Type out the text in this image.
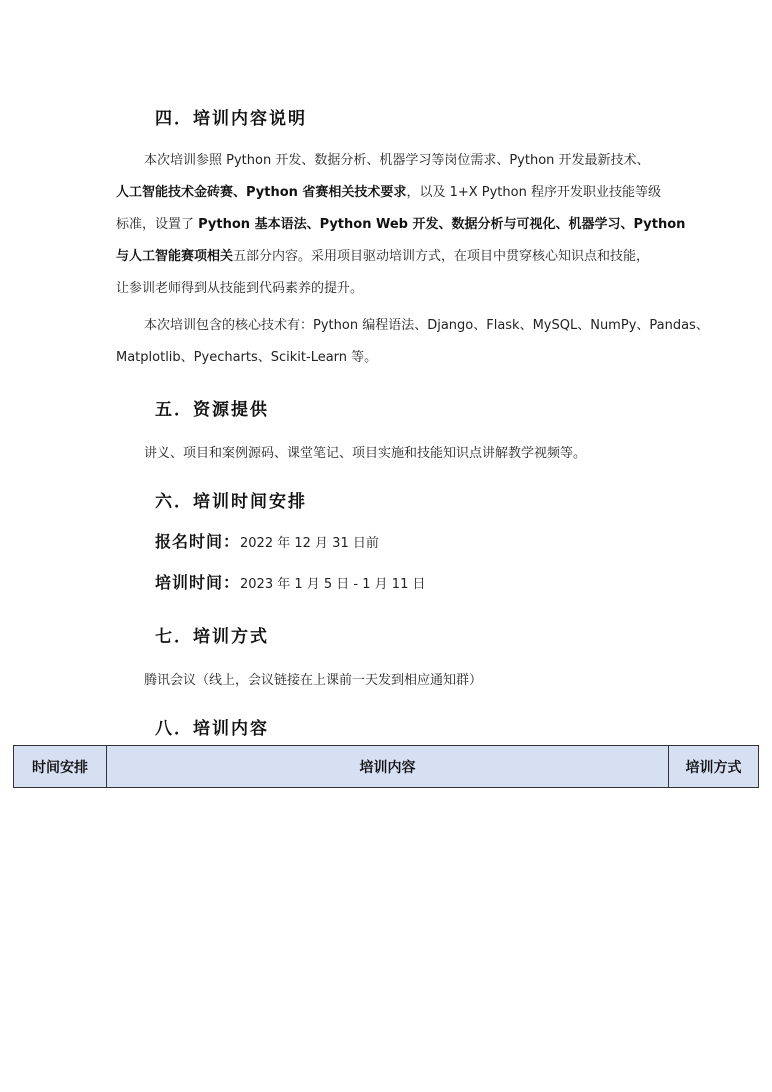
四．培训内容说明
本次培训参照 Python 开发、数据分析、机器学习等岗位需求、Python 开发最新技术、
人工智能技术金砖赛、Python 省赛相关技术要求，以及 1+X Python 程序开发职业技能等级
标准，设置了 Python 基本语法、Python Web 开发、数据分析与可视化、机器学习、Python
与人工智能赛项相关五部分内容。采用项目驱动培训方式，在项目中贯穿核心知识点和技能，
让参训老师得到从技能到代码素养的提升。
本次培训包含的核心技术有：Python 编程语法、Django、Flask、MySQL、NumPy、Pandas、
Matplotlib、Pyecharts、Scikit-Learn 等。
五．资源提供
讲义、项目和案例源码、课堂笔记、项目实施和技能知识点讲解教学视频等。
六．培训时间安排
报名时间：2022 年 12 月 31 日前
培训时间：2023 年 1 月 5 日 - 1 月 11 日
七．培训方式
腾讯会议（线上，会议链接在上课前一天发到相应通知群）
八．培训内容
时间安排	培训内容	培训方式
